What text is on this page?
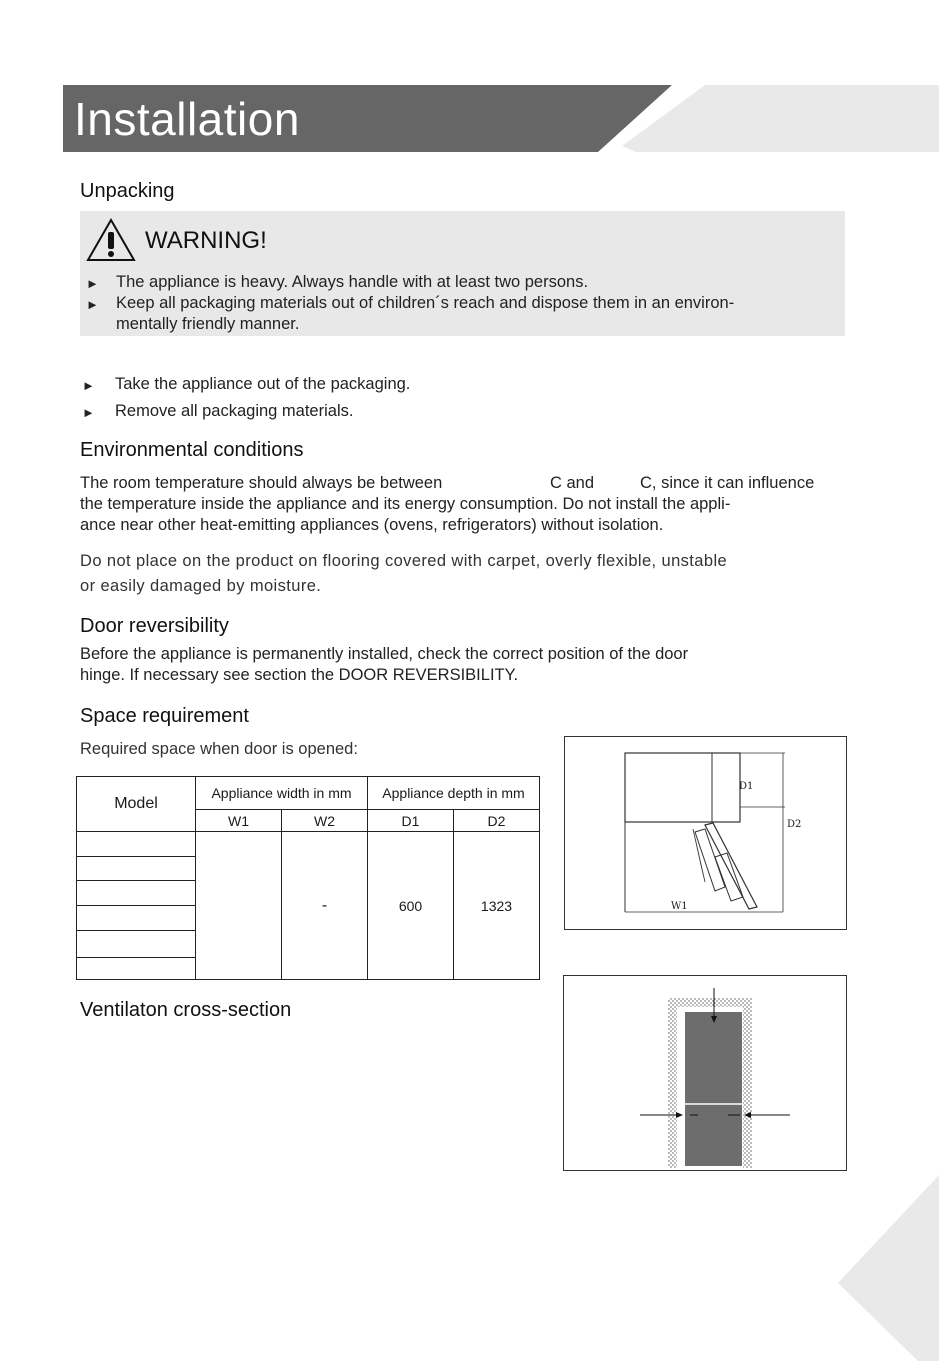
Installation
Unpacking
WARNING!
► The appliance is heavy. Always handle with at least two persons.
► Keep all packaging materials out of children´s reach and dispose them in an environ-
mentally friendly manner.
► Take the appliance out of the packaging.
► Remove all packaging materials.
Environmental conditions
The room temperature should always be between	C and	C, since it can influence
the temperature inside the appliance and its energy consumption. Do not install the appli-
ance near other heat-emitting appliances (ovens, refrigerators) without isolation.
Do not place on the product on flooring covered with carpet, overly flexible, unstable
or easily damaged by moisture.
Door reversibility
Before the appliance is permanently installed, check the correct position of the door
hinge. If necessary see section the DOOR REVERSIBILITY.
Space requirement
Required space when door is opened:
Model	Appliance width in mm		Appliance depth in mm	
	W1	W2	D1	D2
		-	600	1323

Ventilaton cross-section
D1
D2
W1
